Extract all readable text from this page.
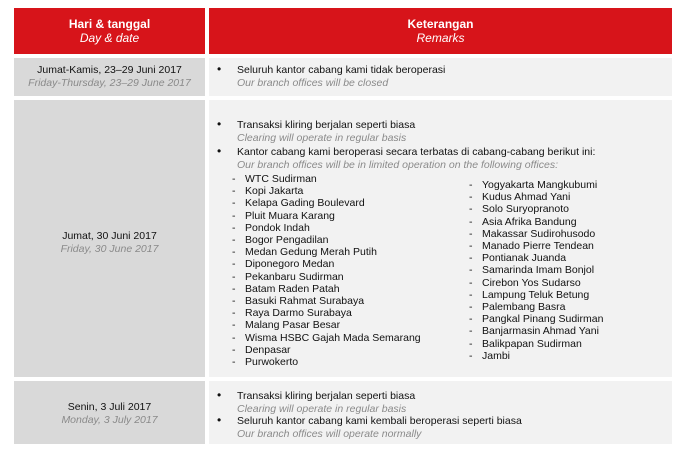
Hari & tanggal
Day & date
Keterangan
Remarks
Jumat-Kamis, 23–29 Juni 2017
Friday-Thursday, 23–29 June 2017
• Seluruh kantor cabang kami tidak beroperasi
Our branch offices will be closed
Jumat, 30 Juni 2017
Friday, 30 June 2017
• Transaksi kliring berjalan seperti biasa
Clearing will operate in regular basis
• Kantor cabang kami beroperasi secara terbatas di cabang-cabang berikut ini:
Our branch offices will be in limited operation on the following offices:
- WTC Sudirman
- Kopi Jakarta
- Kelapa Gading Boulevard
- Pluit Muara Karang
- Pondok Indah
- Bogor Pengadilan
- Medan Gedung Merah Putih
- Diponegoro Medan
- Pekanbaru Sudirman
- Batam Raden Patah
- Basuki Rahmat Surabaya
- Raya Darmo Surabaya
- Malang Pasar Besar
- Wisma HSBC Gajah Mada Semarang
- Denpasar
- Purwokerto
- Yogyakarta Mangkubumi
- Kudus Ahmad Yani
- Solo Suryopranoto
- Asia Afrika Bandung
- Makassar Sudirohusodo
- Manado Pierre Tendean
- Pontianak Juanda
- Samarinda Imam Bonjol
- Cirebon Yos Sudarso
- Lampung Teluk Betung
- Palembang Basra
- Pangkal Pinang Sudirman
- Banjarmasin Ahmad Yani
- Balikpapan Sudirman
- Jambi
Senin, 3 Juli 2017
Monday, 3 July 2017
• Transaksi kliring berjalan seperti biasa
Clearing will operate in regular basis
• Seluruh kantor cabang kami kembali beroperasi seperti biasa
Our branch offices will operate normally
